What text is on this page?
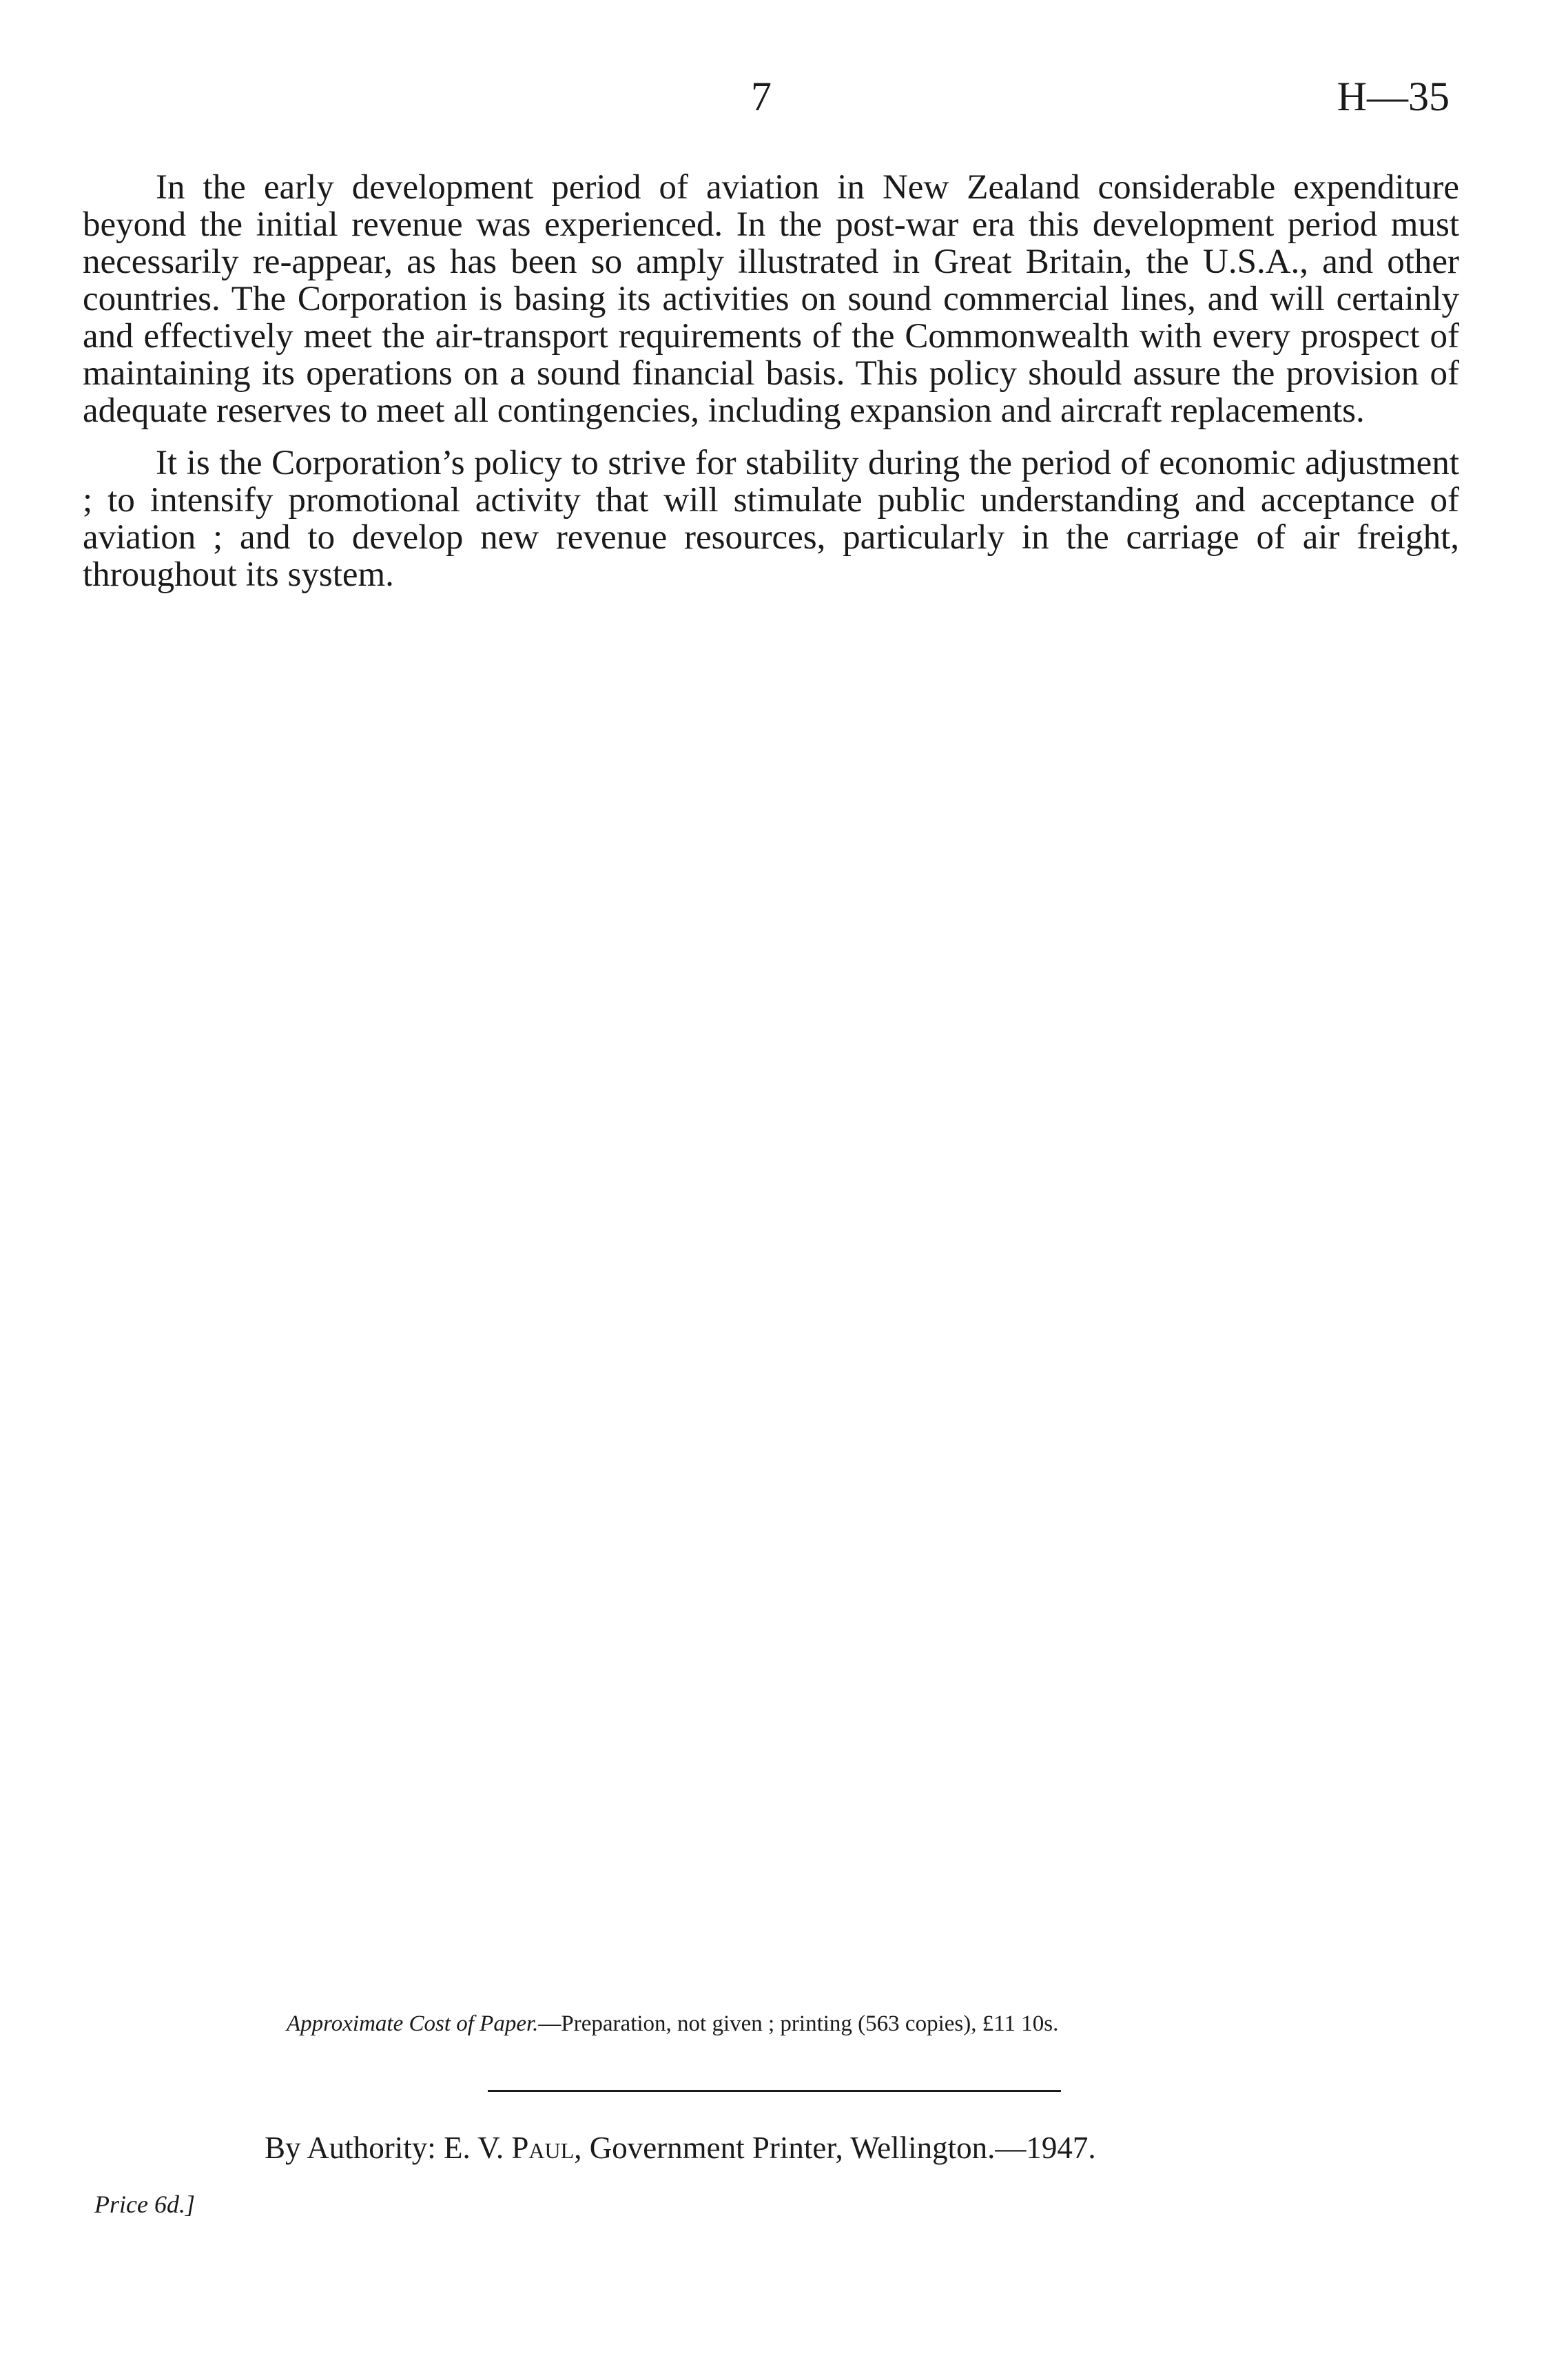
7	H—35

In the early development period of aviation in New Zealand considerable expenditure beyond the initial revenue was experienced. In the post-war era this development period must necessarily re-appear, as has been so amply illustrated in Great Britain, the U.S.A., and other countries. The Corporation is basing its activities on sound commercial lines, and will certainly and effectively meet the air-transport requirements of the Commonwealth with every prospect of maintaining its operations on a sound financial basis. This policy should assure the provision of adequate reserves to meet all contingencies, including expansion and aircraft replacements.

It is the Corporation’s policy to strive for stability during the period of economic adjustment ; to intensify promotional activity that will stimulate public understanding and acceptance of aviation ; and to develop new revenue resources, particularly in the carriage of air freight, throughout its system.

Approximate Cost of Paper.—Preparation, not given ; printing (563 copies), £11 10s.
By Authority: E. V. Paul, Government Printer, Wellington.—1947.
Price 6d.]
